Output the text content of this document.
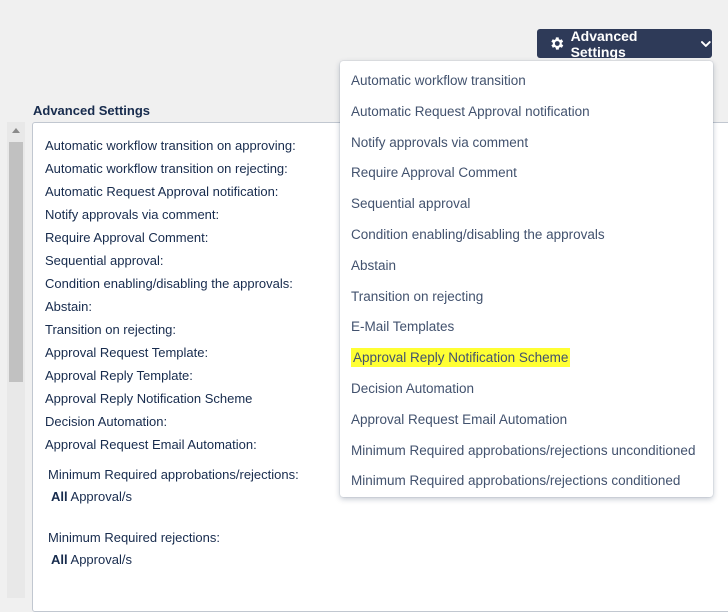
Advanced Settings
Advanced Settings
Automatic workflow transition on approving:
Automatic workflow transition on rejecting:
Automatic Request Approval notification:
Notify approvals via comment:
Require Approval Comment:
Sequential approval:
Condition enabling/disabling the approvals:
Abstain:
Transition on rejecting:
Approval Request Template:
Approval Reply Template:
Approval Reply Notification Scheme
Decision Automation:
Approval Request Email Automation:
Minimum Required approbations/rejections:
All Approval/s
Minimum Required rejections:
All Approval/s
Automatic workflow transition
Automatic Request Approval notification
Notify approvals via comment
Require Approval Comment
Sequential approval
Condition enabling/disabling the approvals
Abstain
Transition on rejecting
E-Mail Templates
Approval Reply Notification Scheme
Decision Automation
Approval Request Email Automation
Minimum Required approbations/rejections unconditioned
Minimum Required approbations/rejections conditioned
